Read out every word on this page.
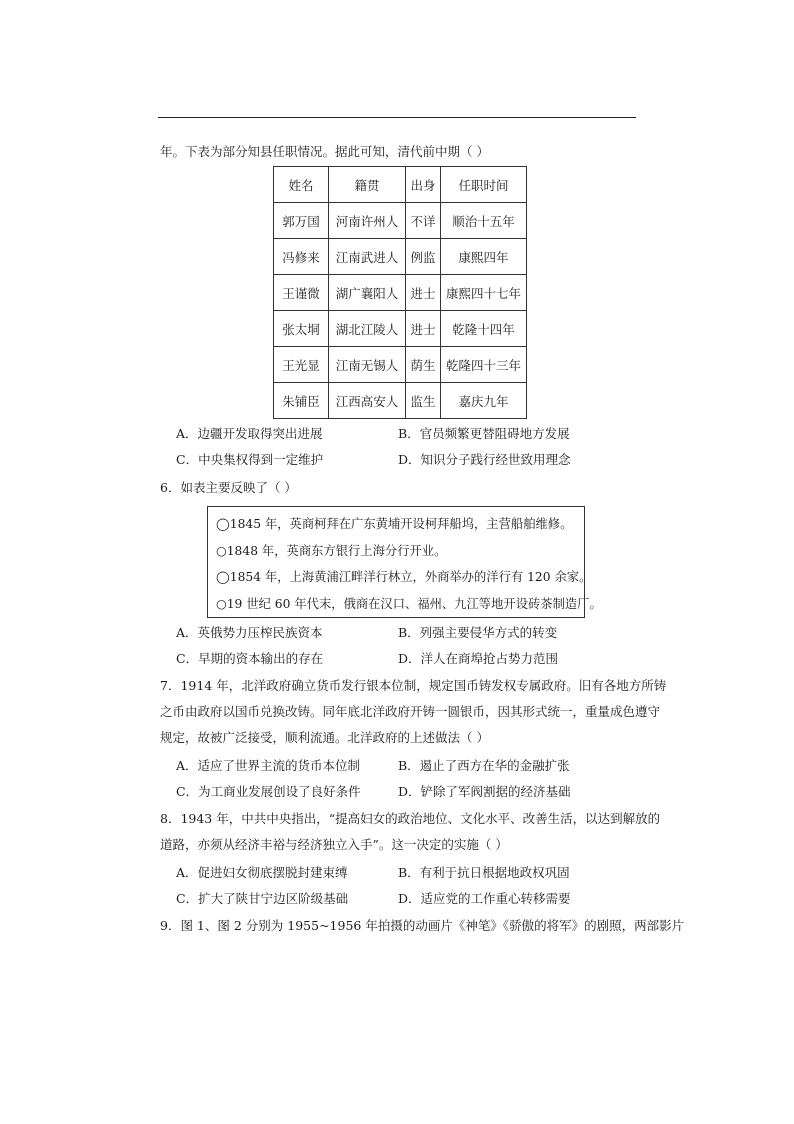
年。下表为部分知县任职情况。据此可知，清代前中期（ ）
姓名	籍贯	出身	任职时间
郭万国	河南许州人	不详	顺治十五年
冯修来	江南武进人	例监	康熙四年
王谨微	湖广襄阳人	进士	康熙四十七年
张太垌	湖北江陵人	进士	乾隆十四年
王光显	江南无锡人	荫生	乾隆四十三年
朱铺臣	江西高安人	监生	嘉庆九年
A．边疆开发取得突出进展	B．官员频繁更替阻碍地方发展
C．中央集权得到一定维护	D．知识分子践行经世致用理念
6．如表主要反映了（ ）
◯1845 年，英商柯拜在广东黄埔开设柯拜船坞，主营船舶维修。
○1848 年，英商东方银行上海分行开业。
◯1854 年，上海黄浦江畔洋行林立，外商举办的洋行有 120 余家。
○19 世纪 60 年代末，俄商在汉口、福州、九江等地开设砖茶制造厂。
A．英俄势力压榨民族资本	B．列强主要侵华方式的转变
C．早期的资本输出的存在	D．洋人在商埠抢占势力范围
7．1914 年，北洋政府确立货币发行银本位制，规定国币铸发权专属政府。旧有各地方所铸
之币由政府以国币兑换改铸。同年底北洋政府开铸一圆银币，因其形式统一，重量成色遵守
规定，故被广泛接受，顺利流通。北洋政府的上述做法（ ）
A．适应了世界主流的货币本位制	B．遏止了西方在华的金融扩张
C．为工商业发展创设了良好条件	D．铲除了军阀割据的经济基础
8．1943 年，中共中央指出，“提高妇女的政治地位、文化水平、改善生活，以达到解放的
道路，亦须从经济丰裕与经济独立入手”。这一决定的实施（ ）
A．促进妇女彻底摆脱封建束缚	B．有利于抗日根据地政权巩固
C．扩大了陕甘宁边区阶级基础	D．适应党的工作重心转移需要
9．图 1、图 2 分别为 1955~1956 年拍摄的动画片《神笔》《骄傲的将军》的剧照，两部影片
